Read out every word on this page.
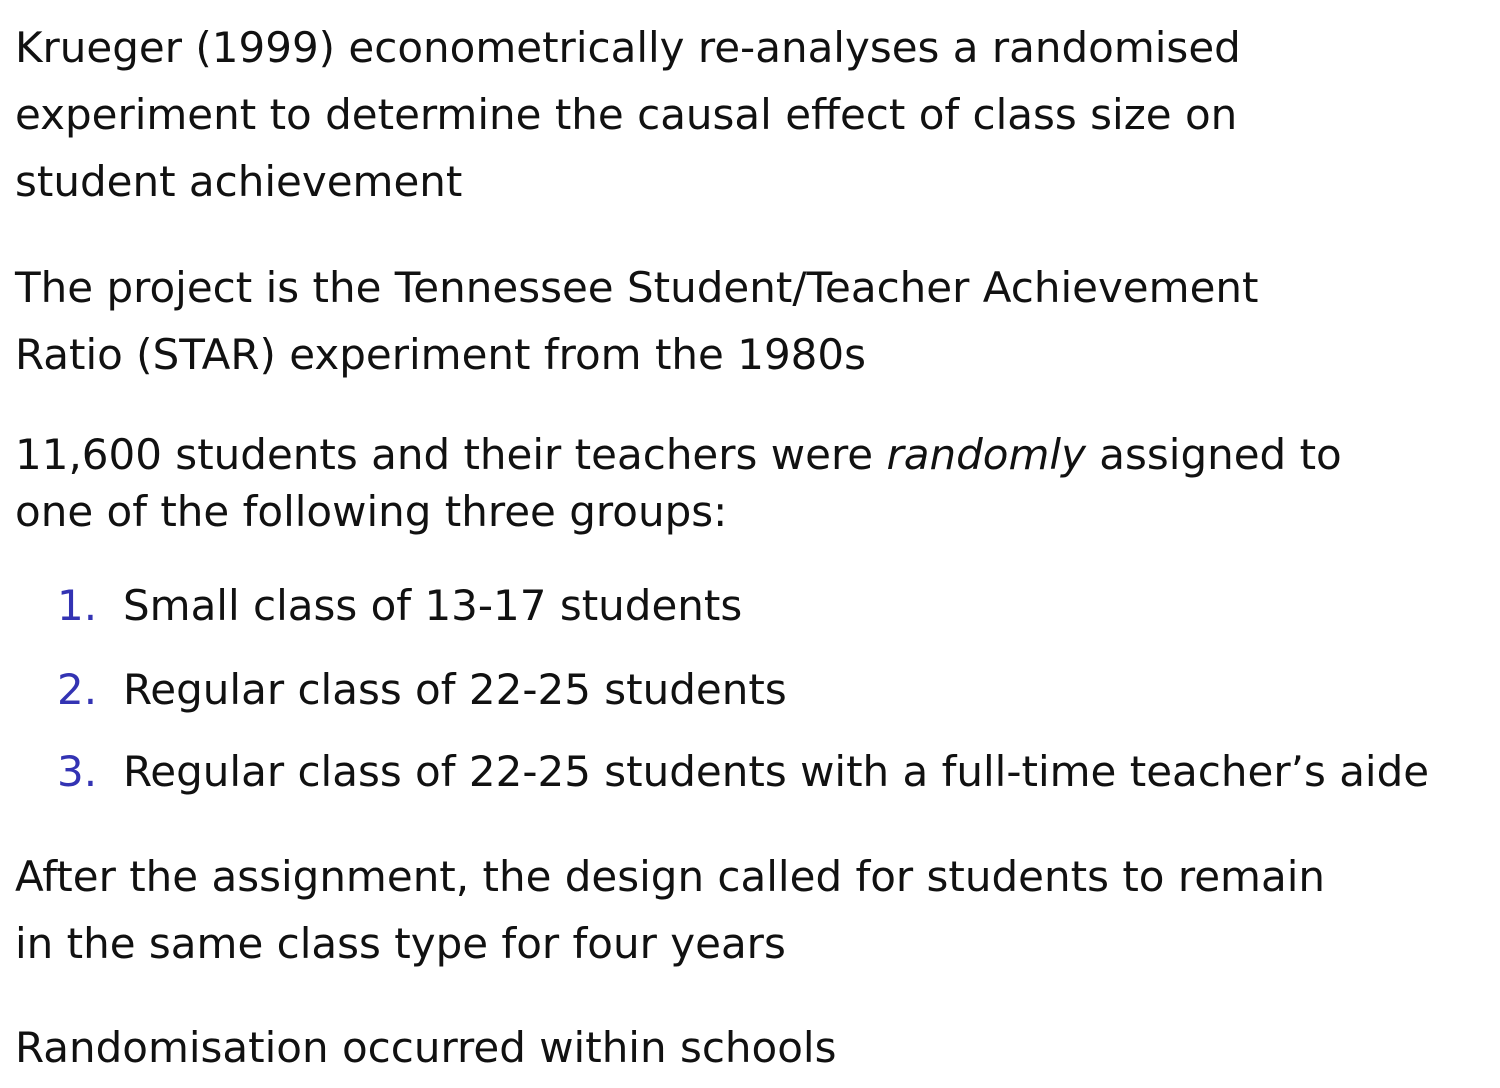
Krueger (1999) econometrically re-analyses a randomised
experiment to determine the causal effect of class size on
student achievement
The project is the Tennessee Student/Teacher Achievement
Ratio (STAR) experiment from the 1980s
11,600 students and their teachers were randomly assigned to
one of the following three groups:
1. Small class of 13-17 students
2. Regular class of 22-25 students
3. Regular class of 22-25 students with a full-time teacher’s aide
After the assignment, the design called for students to remain
in the same class type for four years
Randomisation occurred within schools
